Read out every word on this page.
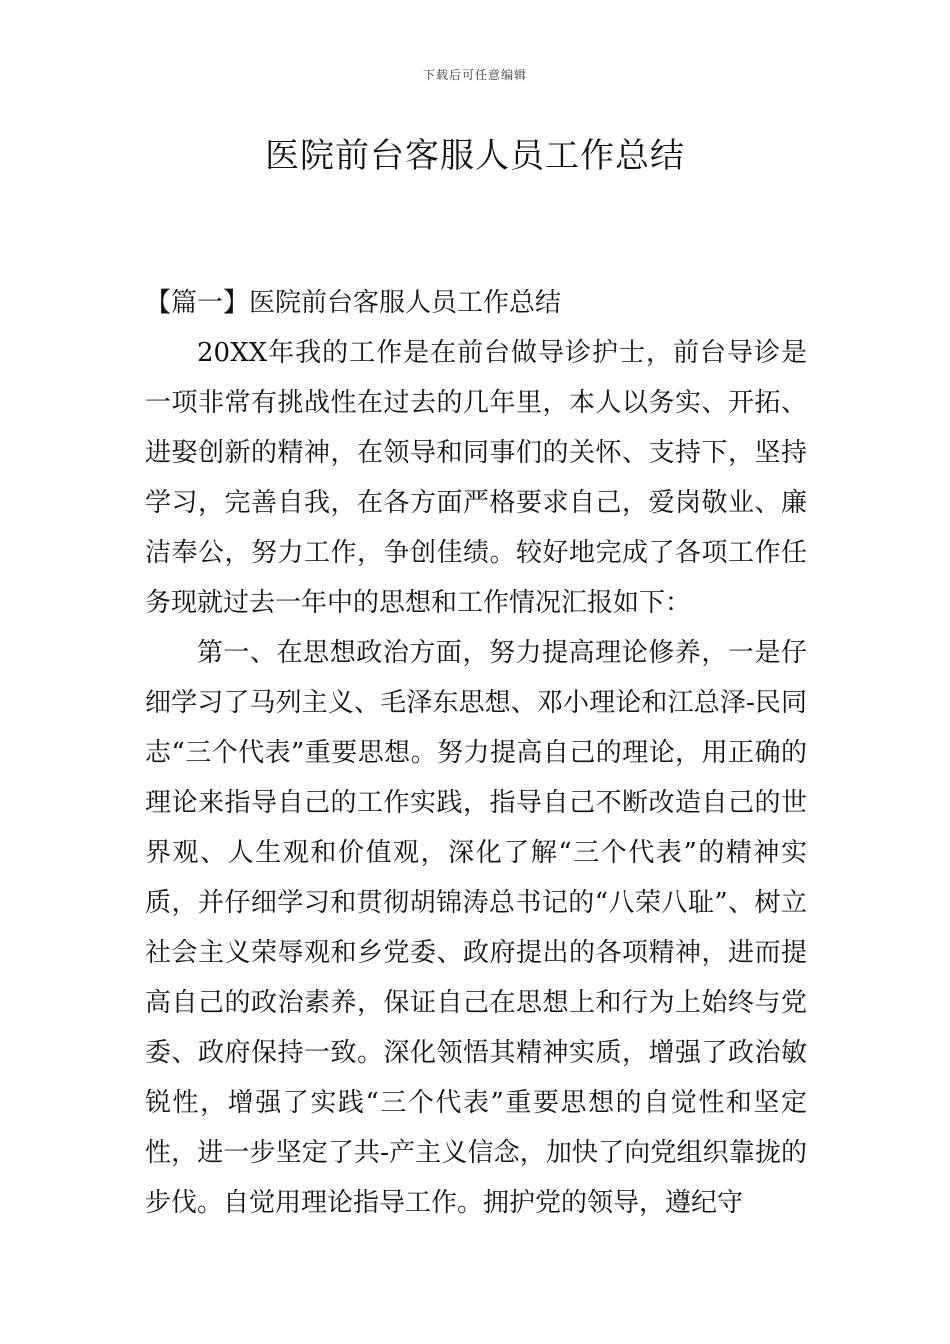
下载后可任意编辑
医院前台客服人员工作总结

【篇一】医院前台客服人员工作总结

20XX年我的工作是在前台做导诊护士，前台导诊是一项非常有挑战性在过去的几年里，本人以务实、开拓、进娶创新的精神，在领导和同事们的关怀、支持下，坚持学习，完善自我，在各方面严格要求自己，爱岗敬业、廉洁奉公，努力工作，争创佳绩。较好地完成了各项工作任务现就过去一年中的思想和工作情况汇报如下：

第一、在思想政治方面，努力提高理论修养，一是仔细学习了马列主义、毛泽东思想、邓小理论和江总泽-民同志“三个代表”重要思想。努力提高自己的理论，用正确的理论来指导自己的工作实践，指导自己不断改造自己的世界观、人生观和价值观，深化了解“三个代表”的精神实质，并仔细学习和贯彻胡锦涛总书记的“八荣八耻”、树立社会主义荣辱观和乡党委、政府提出的各项精神，进而提高自己的政治素养，保证自己在思想上和行为上始终与党委、政府保持一致。深化领悟其精神实质，增强了政治敏锐性，增强了实践“三个代表”重要思想的自觉性和坚定性，进一步坚定了共-产主义信念，加快了向党组织靠拢的步伐。自觉用理论指导工作。拥护党的领导，遵纪守
